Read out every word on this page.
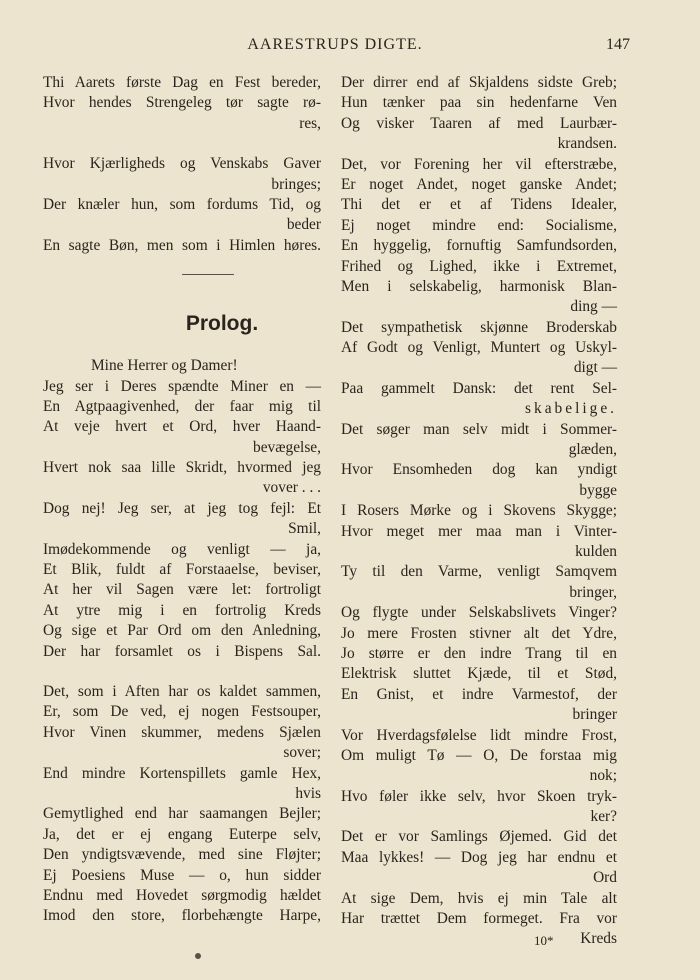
AARESTRUPS DIGTE.	147
Thi Aarets første Dag en Fest bereder,
Hvor hendes Strengeleg tør sagte rø-
res,
Hvor Kjærligheds og Venskabs Gaver
bringes;
Der knæler hun, som fordums Tid, og
beder
En sagte Bøn, men som i Himlen høres.
Prolog.
Mine Herrer og Damer!
Jeg ser i Deres spændte Miner en —
En Agtpaagivenhed, der faar mig til
At veje hvert et Ord, hver Haand-
bevægelse,
Hvert nok saa lille Skridt, hvormed jeg
vover . . .
Dog nej! Jeg ser, at jeg tog fejl: Et
Smil,
Imødekommende og venligt — ja,
Et Blik, fuldt af Forstaaelse, beviser,
At her vil Sagen være let: fortroligt
At ytre mig i en fortrolig Kreds
Og sige et Par Ord om den Anledning,
Der har forsamlet os i Bispens Sal.
Det, som i Aften har os kaldet sammen,
Er, som De ved, ej nogen Festsouper,
Hvor Vinen skummer, medens Sjælen
sover;
End mindre Kortenspillets gamle Hex,
hvis
Gemytlighed end har saamangen Bejler;
Ja, det er ej engang Euterpe selv,
Den yndigtsvævende, med sine Fløjter;
Ej Poesiens Muse — o, hun sidder
Endnu med Hovedet sørgmodig hældet
Imod den store, florbehængte Harpe,
Der dirrer end af Skjaldens sidste Greb;
Hun tænker paa sin hedenfarne Ven
Og visker Taaren af med Laurbær-
krandsen.
Det, vor Forening her vil efterstræbe,
Er noget Andet, noget ganske Andet;
Thi det er et af Tidens Idealer,
Ej noget mindre end: Socialisme,
En hyggelig, fornuftig Samfundsorden,
Frihed og Lighed, ikke i Extremet,
Men i selskabelig, harmonisk Blan-
ding —
Det sympathetisk skjønne Broderskab
Af Godt og Venligt, Muntert og Uskyl-
digt —
Paa gammelt Dansk: det rent Sel-
skabelige.
Det søger man selv midt i Sommer-
glæden,
Hvor Ensomheden dog kan yndigt
bygge
I Rosers Mørke og i Skovens Skygge;
Hvor meget mer maa man i Vinter-
kulden
Ty til den Varme, venligt Samqvem
bringer,
Og flygte under Selskabslivets Vinger?
Jo mere Frosten stivner alt det Ydre,
Jo større er den indre Trang til en
Elektrisk sluttet Kjæde, til et Stød,
En Gnist, et indre Varmestof, der
bringer
Vor Hverdagsfølelse lidt mindre Frost,
Om muligt Tø — O, De forstaa mig
nok;
Hvo føler ikke selv, hvor Skoen tryk-
ker?
Det er vor Samlings Øjemed. Gid det
Maa lykkes! — Dog jeg har endnu et
Ord
At sige Dem, hvis ej min Tale alt
Har trættet Dem formeget. Fra vor
Kreds
10*
